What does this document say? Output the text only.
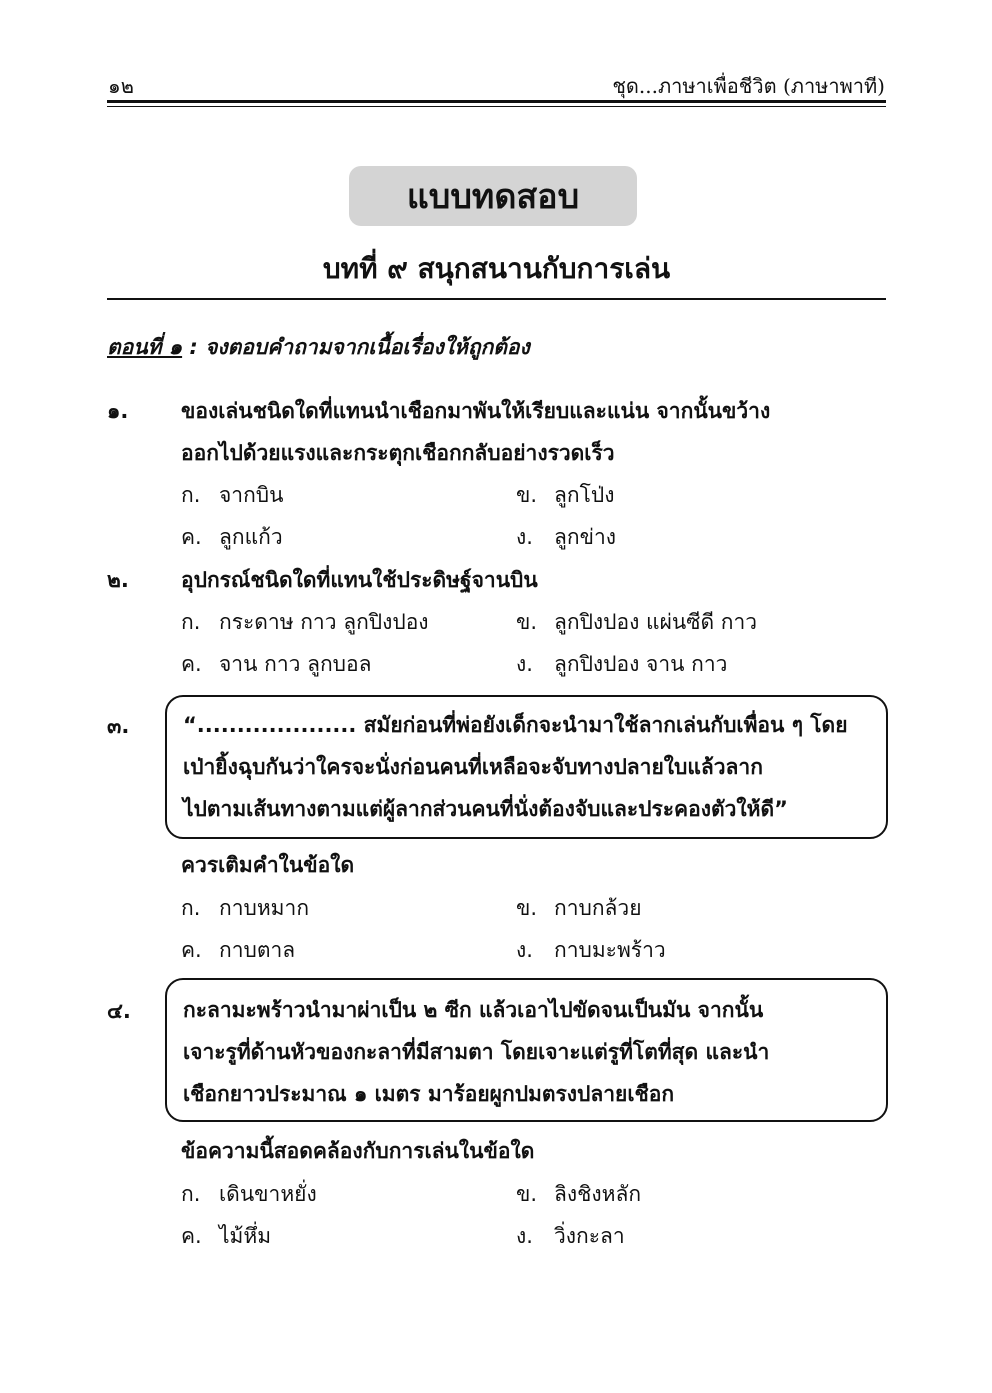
๑๒	ชุด...ภาษาเพื่อชีวิต (ภาษาพาที)
แบบทดสอบ
บทที่ ๙ สนุกสนานกับการเล่น
ตอนที่ ๑ : จงตอบคำถามจากเนื้อเรื่องให้ถูกต้อง
๑.	ของเล่นชนิดใดที่แทนนำเชือกมาพันให้เรียบและแน่น จากนั้นขว้าง
ออกไปด้วยแรงและกระตุกเชือกกลับอย่างรวดเร็ว
ก. จากบิน	ข. ลูกโป่ง
ค. ลูกแก้ว	ง. ลูกข่าง
๒. อุปกรณ์ชนิดใดที่แทนใช้ประดิษฐ์จานบิน
ก. กระดาษ กาว ลูกปิงปอง	ข. ลูกปิงปอง แผ่นซีดี กาว
ค. จาน กาว ลูกบอล	ง. ลูกปิงปอง จาน กาว
๓.	“.................... สมัยก่อนที่พ่อยังเด็กจะนำมาใช้ลากเล่นกับเพื่อน ๆ โดย
เป่ายิ้งฉุบกันว่าใครจะนั่งก่อนคนที่เหลือจะจับทางปลายใบแล้วลาก
ไปตามเส้นทางตามแต่ผู้ลากส่วนคนที่นั่งต้องจับและประคองตัวให้ดี”
ควรเติมคำในข้อใด
ก. กาบหมาก	ข. กาบกล้วย
ค. กาบตาล	ง. กาบมะพร้าว
๔. กะลามะพร้าวนำมาผ่าเป็น ๒ ซีก แล้วเอาไปขัดจนเป็นมัน จากนั้น
เจาะรูที่ด้านหัวของกะลาที่มีสามตา โดยเจาะแต่รูที่โตที่สุด และนำ
เชือกยาวประมาณ ๑ เมตร มาร้อยผูกปมตรงปลายเชือก
ข้อความนี้สอดคล้องกับการเล่นในข้อใด
ก. เดินขาหยั่ง	ข. ลิงชิงหลัก
ค. ไม้หึ่ม	ง. วิ่งกะลา
